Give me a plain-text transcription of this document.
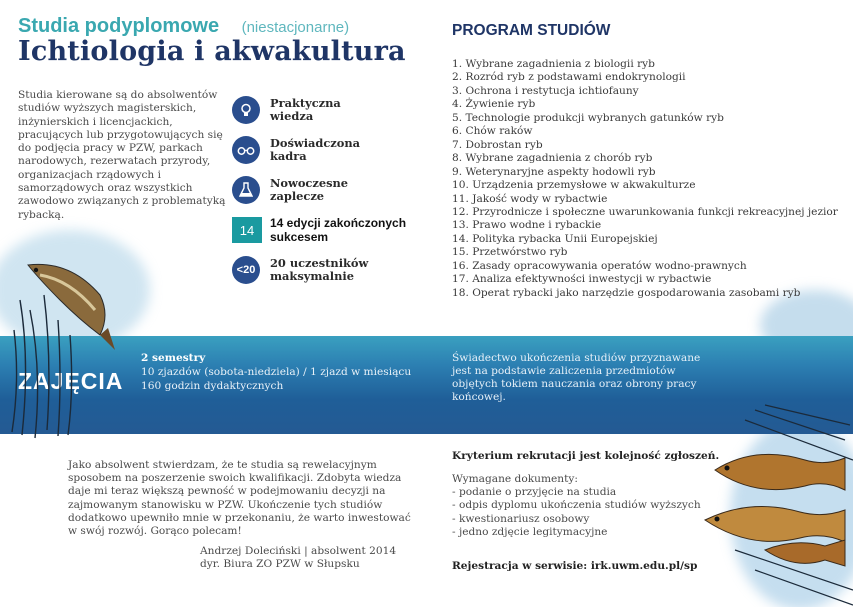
Studia podyplomowe (niestacjonarne)
Ichtiologia i akwakultura

Studia kierowane są do absolwentów studiów wyższych magisterskich, inżynierskich i licencjackich, pracujących lub przygotowujących się do podjęcia pracy w PZW, parkach narodowych, rezerwatach przyrody, organizacjach rządowych i samorządowych oraz wszystkich zawodowo związanych z problematyką rybacką.

Praktyczna wiedza
Doświadczona kadra
Nowoczesne zaplecze
14	14 edycji zakończonych sukcesem
<20	20 uczestników maksymalnie
PROGRAM STUDIÓW
1. Wybrane zagadnienia z biologii ryb
2. Rozród ryb z podstawami endokrynologii
3. Ochrona i restytucja ichtiofauny
4. Żywienie ryb
5. Technologie produkcji wybranych gatunków ryb
6. Chów raków
7. Dobrostan ryb
8. Wybrane zagadnienia z chorób ryb
9. Weterynaryjne aspekty hodowli ryb
10. Urządzenia przemysłowe w akwakulturze
11. Jakość wody w rybactwie
12. Przyrodnicze i społeczne uwarunkowania funkcji rekreacyjnej jezior
13. Prawo wodne i rybackie
14. Polityka rybacka Unii Europejskiej
15. Przetwórstwo ryb
16. Zasady opracowywania operatów wodno-prawnych
17. Analiza efektywności inwestycji w rybactwie
18. Operat rybacki jako narzędzie gospodarowania zasobami ryb
ZAJĘCIA
2 semestry
10 zjazdów (sobota-niedziela) / 1 zjazd w miesiącu
160 godzin dydaktycznych
Świadectwo ukończenia studiów przyznawane jest na podstawie zaliczenia przedmiotów objętych tokiem nauczania oraz obrony pracy końcowej.
Jako absolwent stwierdzam, że te studia są rewelacyjnym sposobem na poszerzenie swoich kwalifikacji. Zdobyta wiedza daje mi teraz większą pewność w podejmowaniu decyzji na zajmowanym stanowisku w PZW. Ukończenie tych studiów dodatkowo upewniło mnie w przekonaniu, że warto inwestować w swój rozwój. Gorąco polecam!
Andrzej Doleciński | absolwent 2014
dyr. Biura ZO PZW w Słupsku
Kryterium rekrutacji jest kolejność zgłoszeń.
Wymagane dokumenty:
- podanie o przyjęcie na studia
- odpis dyplomu ukończenia studiów wyższych
- kwestionariusz osobowy
- jedno zdjęcie legitymacyjne
Rejestracja w serwisie: irk.uwm.edu.pl/sp
